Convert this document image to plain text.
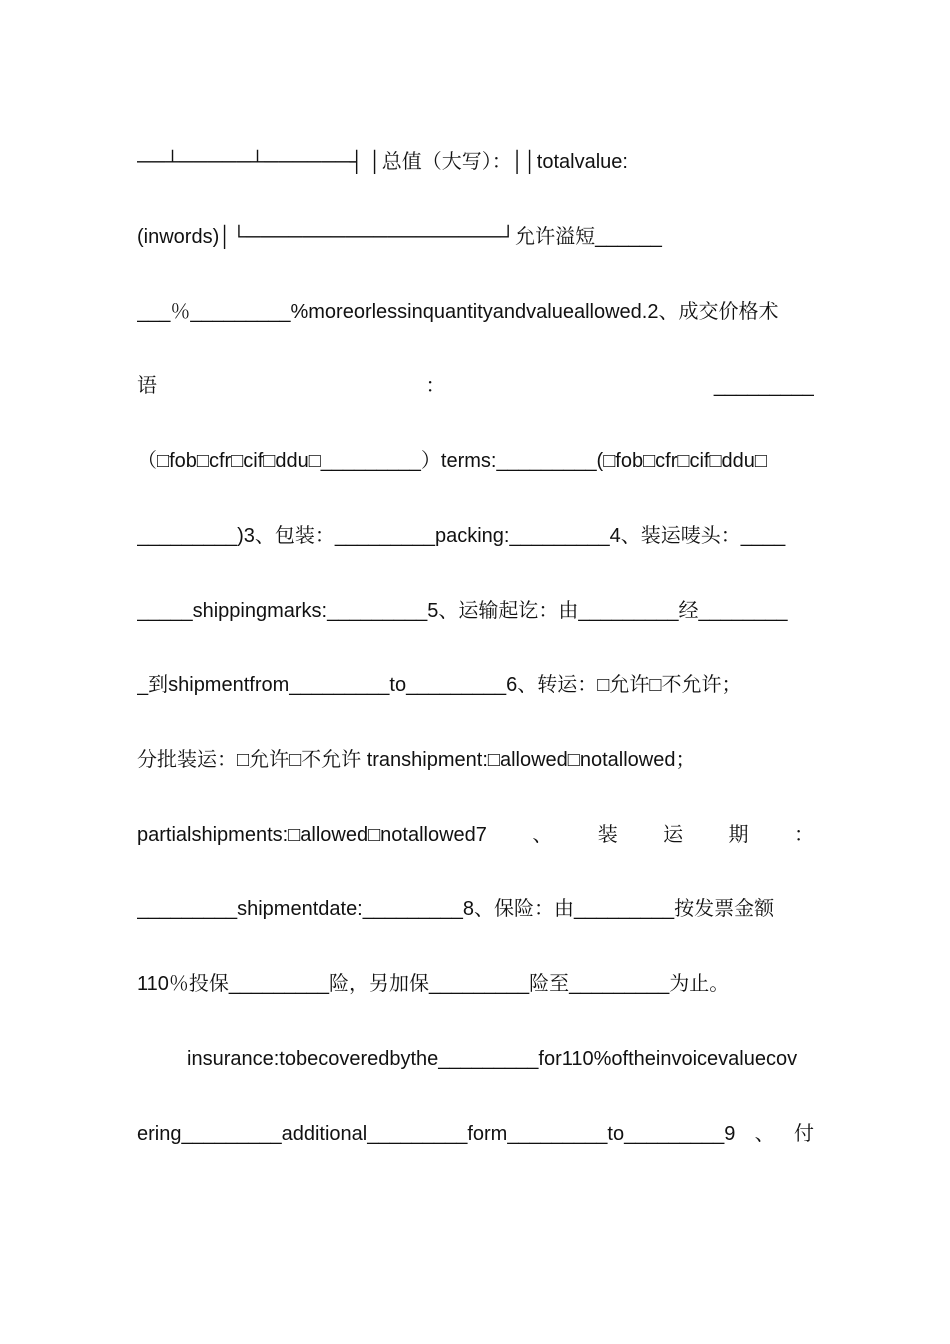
──┴─────┴──────┤ │总值（大写）：││totalvalue:
(inwords)│└──────────────────┘允许溢短______
___％_________%moreorlessinquantityandvalueallowed.2、成交价格术
语	：	_________
（□fob□cfr□cif□ddu□_________）terms:_________(□fob□cfr□cif□ddu□
_________)3、包装：_________packing:_________4、装运唛头：____
_____shippingmarks:_________5、运输起讫：由_________经________
_到shipmentfrom_________to_________6、转运：□允许□不允许；
分批装运：□允许□不允许 transhipment:□allowed□notallowed；
partialshipments:□allowed□notallowed7 、 装 运 期 ：
_________shipmentdate:_________8、保险：由_________按发票金额
110％投保_________险，另加保_________险至_________为止。
insurance:tobecoveredbythe_________for110%oftheinvoicevaluecov
ering_________additional_________form_________to_________9 、 付
